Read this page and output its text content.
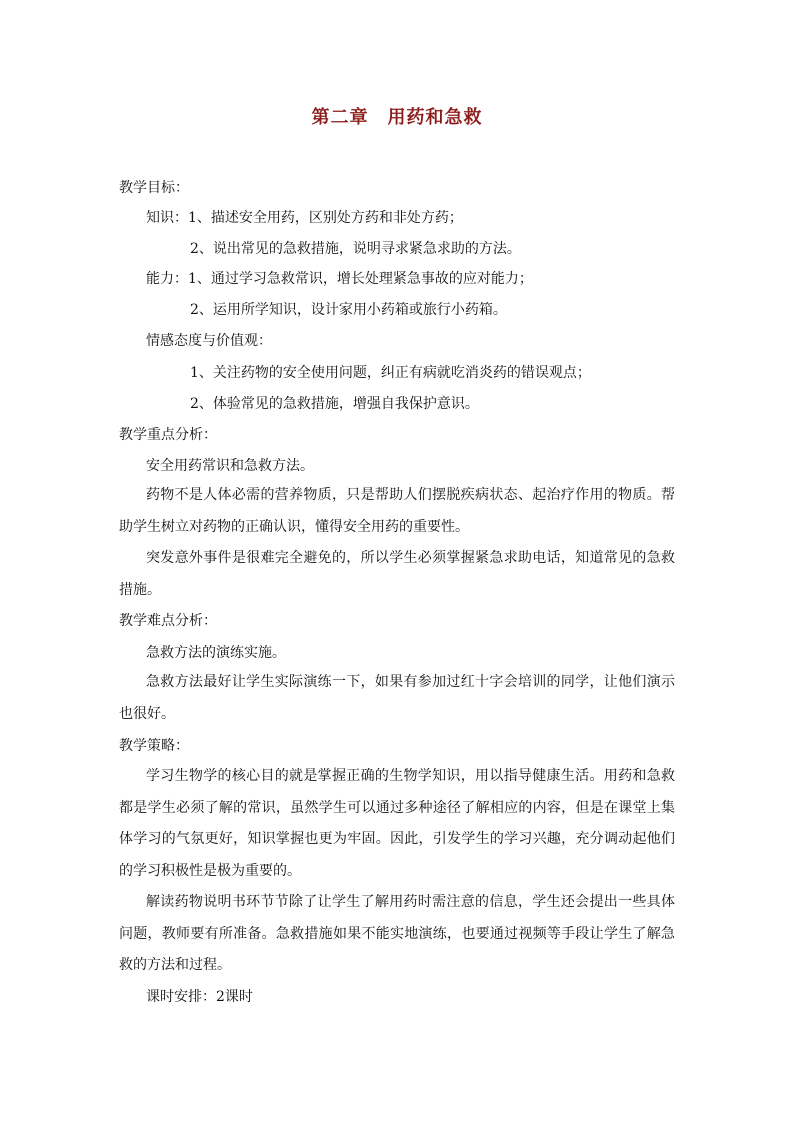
第二章　用药和急救
教学目标：
知识：1、描述安全用药，区别处方药和非处方药；
2、说出常见的急救措施，说明寻求紧急求助的方法。
能力：1、通过学习急救常识，增长处理紧急事故的应对能力；
2、运用所学知识，设计家用小药箱或旅行小药箱。
情感态度与价值观：
1、关注药物的安全使用问题，纠正有病就吃消炎药的错误观点；
2、体验常见的急救措施，增强自我保护意识。
教学重点分析：
安全用药常识和急救方法。

药物不是人体必需的营养物质，只是帮助人们摆脱疾病状态、起治疗作用的物质。帮助学生树立对药物的正确认识，懂得安全用药的重要性。

突发意外事件是很难完全避免的，所以学生必须掌握紧急求助电话，知道常见的急救措施。

教学难点分析：
急救方法的演练实施。

急救方法最好让学生实际演练一下，如果有参加过红十字会培训的同学，让他们演示也很好。

教学策略：

学习生物学的核心目的就是掌握正确的生物学知识，用以指导健康生活。用药和急救都是学生必须了解的常识，虽然学生可以通过多种途径了解相应的内容，但是在课堂上集体学习的气氛更好，知识掌握也更为牢固。因此，引发学生的学习兴趣，充分调动起他们的学习积极性是极为重要的。

解读药物说明书环节节除了让学生了解用药时需注意的信息，学生还会提出一些具体问题，教师要有所准备。急救措施如果不能实地演练，也要通过视频等手段让学生了解急救的方法和过程。

课时安排：2课时
